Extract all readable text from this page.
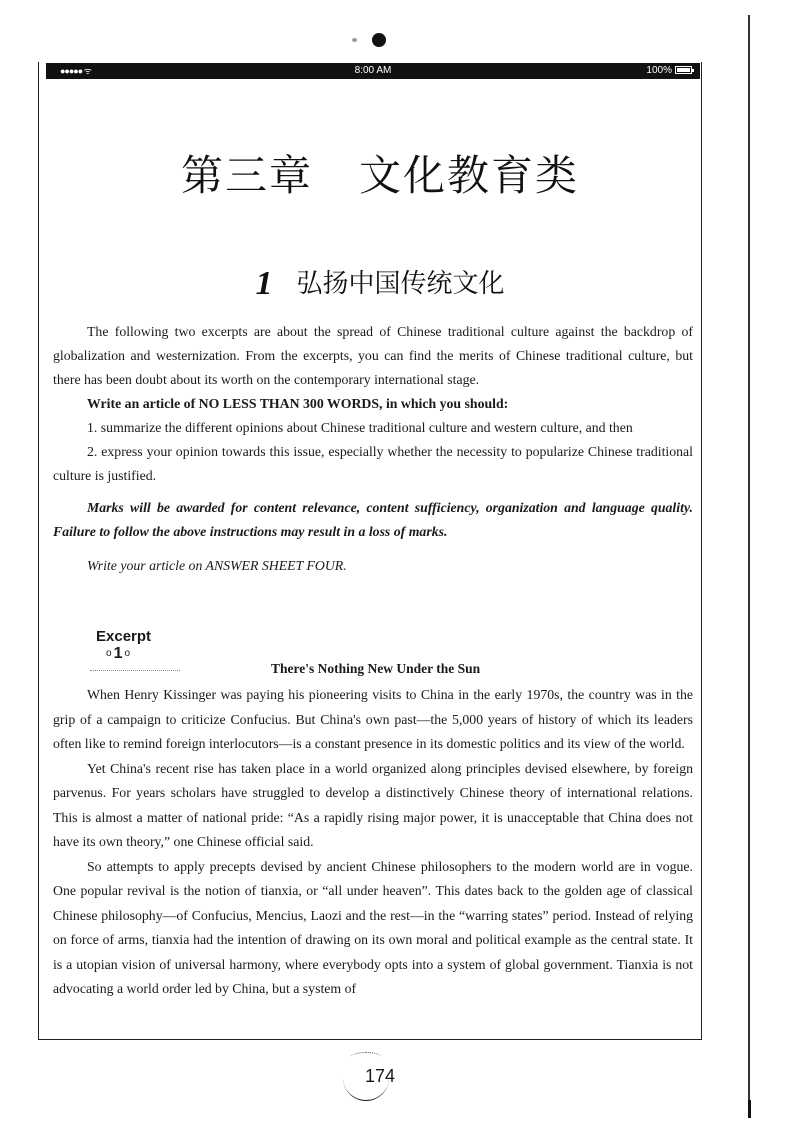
●●●●● ᯤ	8:00 AM	100%
第三章   文化教育类
1 弘扬中国传统文化

The following two excerpts are about the spread of Chinese traditional culture against the backdrop of globalization and westernization. From the excerpts, you can find the merits of Chinese traditional culture, but there has been doubt about its worth on the contemporary international stage.

Write an article of NO LESS THAN 300 WORDS, in which you should:

1. summarize the different opinions about Chinese traditional culture and western culture, and then

2. express your opinion towards this issue, especially whether the necessity to popularize Chinese traditional culture is justified.

Marks will be awarded for content relevance, content sufficiency, organization and language quality. Failure to follow the above instructions may result in a loss of marks.

Write your article on ANSWER SHEET FOUR.

Excerpt
o1o
There's Nothing New Under the Sun

When Henry Kissinger was paying his pioneering visits to China in the early 1970s, the country was in the grip of a campaign to criticize Confucius. But China's own past—the 5,000 years of history of which its leaders often like to remind foreign interlocutors—is a constant presence in its domestic politics and its view of the world.

Yet China's recent rise has taken place in a world organized along principles devised elsewhere, by foreign parvenus. For years scholars have struggled to develop a distinctively Chinese theory of international relations. This is almost a matter of national pride: “As a rapidly rising major power, it is unacceptable that China does not have its own theory,” one Chinese official said.

So attempts to apply precepts devised by ancient Chinese philosophers to the modern world are in vogue. One popular revival is the notion of tianxia, or “all under heaven”. This dates back to the golden age of classical Chinese philosophy—of Confucius, Mencius, Laozi and the rest—in the “warring states” period. Instead of relying on force of arms, tianxia had the intention of drawing on its own moral and political example as the central state. It is a utopian vision of universal harmony, where everybody opts into a system of global government. Tianxia is not advocating a world order led by China, but a system of

174
